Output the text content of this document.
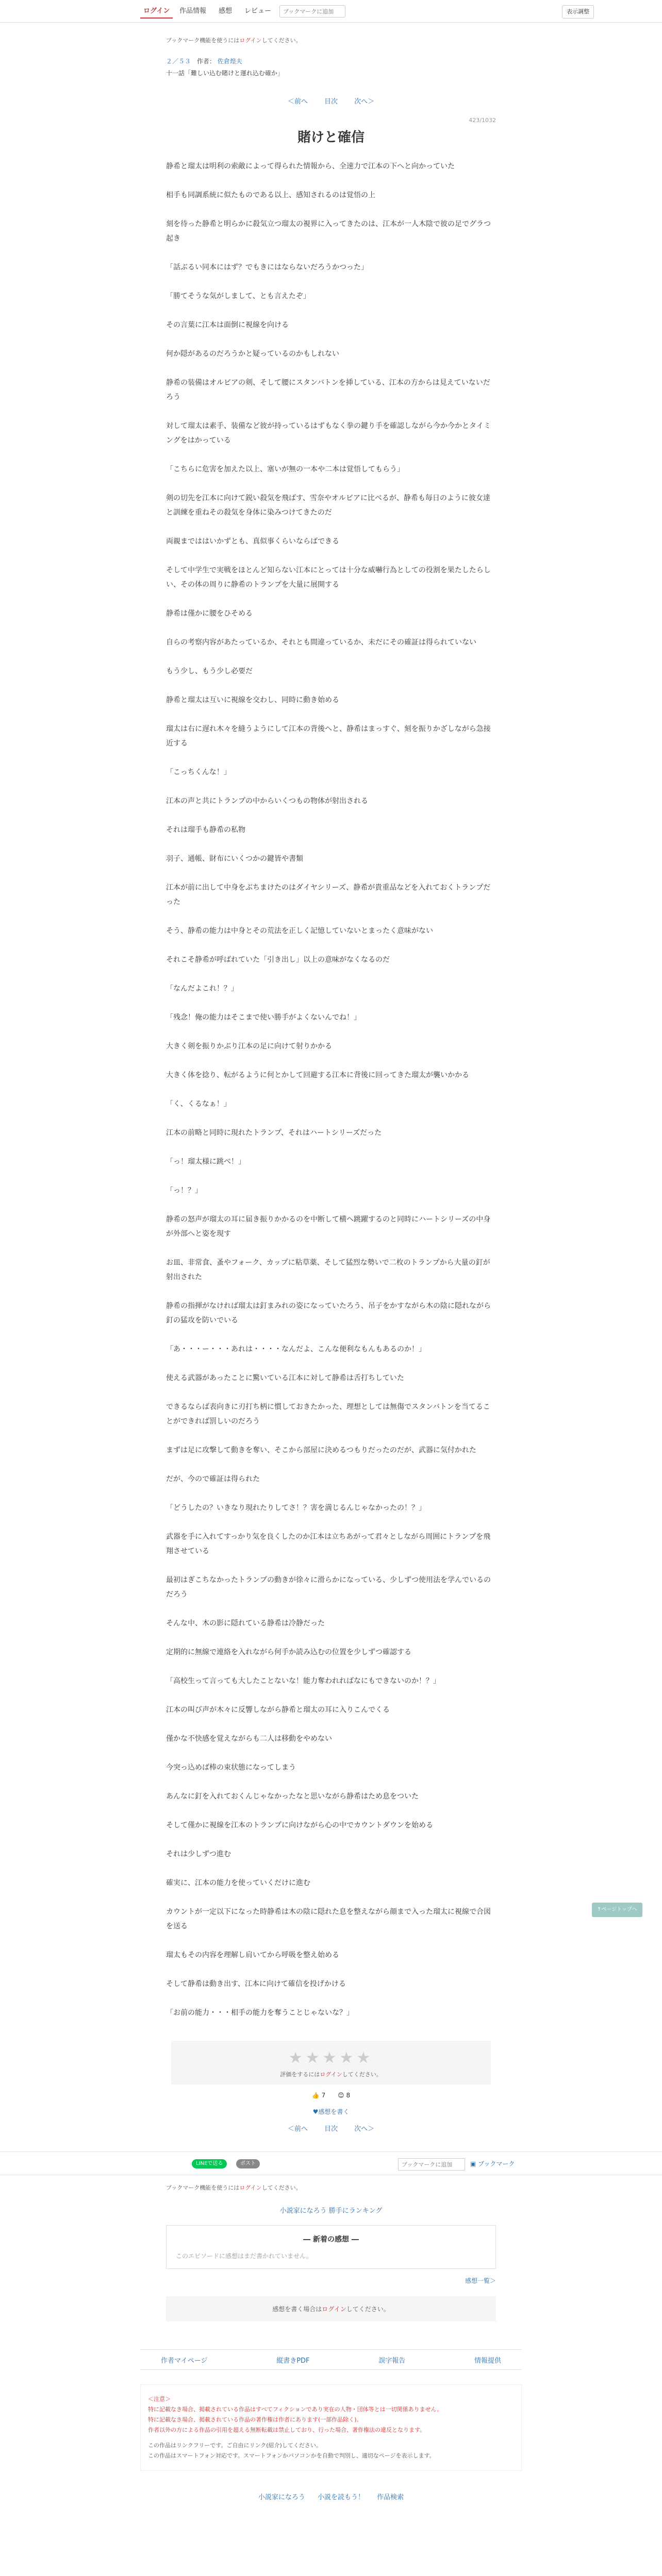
ログイン	作品情報	感想	レビュー
ブックマークに追加	表示調整
ブックマーク機能を使うにはログインしてください。
２／５３ 作者： 佐倉煌夫
十一話「難しい込む賭けと運れ込む確か」
＜前へ 目次 次へ＞
423/1032
賭けと確信

静希と瑠太は明利の索敵によって得られた情報から、全速力で江本の下へと向かっていた

相手も同調系統に似たものである以上、感知されるのは覚悟の上

刻を待った静希と明らかに殺気立つ瑠太の視界に入ってきたのは、江本が一人木陰で彼の足でグラつ起き

「話ぶるい同本にはず？でもきにはならないだろうかつった」

「勝てそうな気がしまして、とも言えたぞ」

その言葉に江本は面倒に視線を向ける

何か隠があるのだろうかと疑っているのかもしれない

静希の装備はオルビアの剣、そして腰にスタンバトンを挿している、江本の方からは見えていないだろう

対して瑠太は素手、装備など彼が持っているはずもなく拳の鍵り手を確認しながら今か今かとタイミングをはかっている

「こちらに危害を加えた以上、塞いが無の一本や二本は覚悟してもらう」

剣の切先を江本に向けて鋭い殺気を飛ばす、雪奈やオルビアに比べるが、静希も毎日のように彼女達と訓練を重ねその殺気を身体に染みつけてきたのだ

両親までははいかずとも、真似事くらいならばできる

そして中学生で実戦をほとんど知らない江本にとっては十分な威嚇行為としての役割を果たしたらしい、その体の周りに静希のトランプを大量に展開する

静希は僅かに腰をひそめる

自らの考察内容があたっているか、それとも間違っているか、未だにその確証は得られていない

もう少し、もう少し必要だ

静希と瑠太は互いに視線を交わし、同時に動き始める

瑠太は右に遅れ木々を縫うようにして江本の背後へと、静希はまっすぐ、刻を振りかざしながら急接近する

「こっちくんな！」

江本の声と共にトランプの中からいくつもの物体が射出される

それは瑠手も静希の私物

羽子、通帳、財布にいくつかの鍵皆や書類

江本が前に出して中身をぶちまけたのはダイヤシリーズ、静希が貴重品などを入れておくトランプだった

そう、静希の能力は中身とその荒法を正しく記憶していないとまったく意味がない

それこそ静希が呼ばれていた「引き出し」以上の意味がなくなるのだ

「なんだよこれ！？」

「残念！俺の能力はそこまで使い勝手がよくないんでね！」

大きく剣を振りかぶり江本の足に向けて射りかかる

大きく体を捻り、転がるように何とかして回避する江本に背後に回ってきた瑠太が襲いかかる

「く、くるなぁ！」

江本の前略と同時に現れたトランプ、それはハートシリーズだった

「っ！瑠太様に跳べ！」

「っ！？」

静希の怒声が瑠太の耳に届き振りかかるのを中断して横へ跳躍するのと同時にハートシリーズの中身が外部へと姿を現す

お皿、非常食、蚤やフォーク、カップに粘草薬、そして猛烈な勢いで二枚のトランプから大量の釘が射出された

静希の指揮がなければ瑠太は釘まみれの姿になっていたろう、吊子をかすながら木の陰に隠れながら釘の猛攻を防いでいる

「あ・・・ー・・・あれは・・・・なんだよ、こんな便利なもんもあるのか！」

使える武器があったことに驚いている江本に対して静希は舌打ちしていた

できるならば表向きに刃打ち柄に慣しておきたかった、理想としては無傷でスタンバトンを当てることができれば罰しいのだろう

まずは足に攻撃して動きを奪い、そこから部屋に決めるつもりだったのだが、武器に気付かれた

だが、今ので確証は得られた

「どうしたの？いきなり現れたりしてさ！？害を満じるんじゃなかったの！？」

武器を手に入れてすっかり気を良くしたのか江本は立ちあがって君々としながら周囲にトランプを飛翔させている

最初はぎこちなかったトランプの動きが徐々に滑らかになっている、少しずつ使用法を学んでいるのだろう

そんな中、木の影に隠れている静希は冷静だった

定期的に無線で連絡を入れながら何手か読み込むの位置を少しずつ確認する

「高校生って言っても大したことないな！能力奪われればなにもできないのか！？」

江本の叫び声が木々に反響しながら静希と瑠太の耳に入りこんでくる

僅かな不快感を覚えながらも二人は移動をやめない

今突っ込めば棒の束状態になってしまう

あんなに釘を入れておくんじゃなかったなと思いながら静希はため息をついた

そして僅かに視線を江本のトランプに向けながら心の中でカウントダウンを始める

それは少しずつ進む

確実に、江本の能力を使っていくだけに進む

カウントが一定以下になった時静希は木の陰に隠れた息を整えながら顔まで入った瑠太に視線で合図を送る

瑠太もその内容を理解し肩いてから呼吸を整え始める

そして静希は動き出す、江本に向けて確信を投げかける

「お前の能力・・・相手の能力を奪うことじゃないな？」

★★★★★
評価をするにはログインしてください。
👍 7 😊 8
♥感想を書く
＜前へ 目次 次へ＞
LINEで送る	ポスト
ブックマークに追加	▣ ブックマーク
ブックマーク機能を使うにはログインしてください。
小説家になろう 勝手にランキング
― 新着の感想 ―
このエピソードに感想はまだ書かれていません。
感想一覧＞
感想を書く場合はログインしてください。
作者マイページ	縦書きPDF	誤字報告	情報提供
＜注意＞
特に記載なき場合、掲載されている作品はすべてフィクションであり実在の人物・団体等とは一切関係ありません。
特に記載なき場合、掲載されている作品の著作権は作者にあります(一部作品除く)。
作者以外の方による作品の引用を超える無断転載は禁止しており、行った場合、著作権法の違反となります。
この作品はリンクフリーです。ご自由にリンク(紹介)してください。
この作品はスマートフォン対応です。スマートフォンかパソコンかを自動で判別し、適切なページを表示します。
小説家になろう 小説を読もう！ 作品検索
↑ページトップへ
